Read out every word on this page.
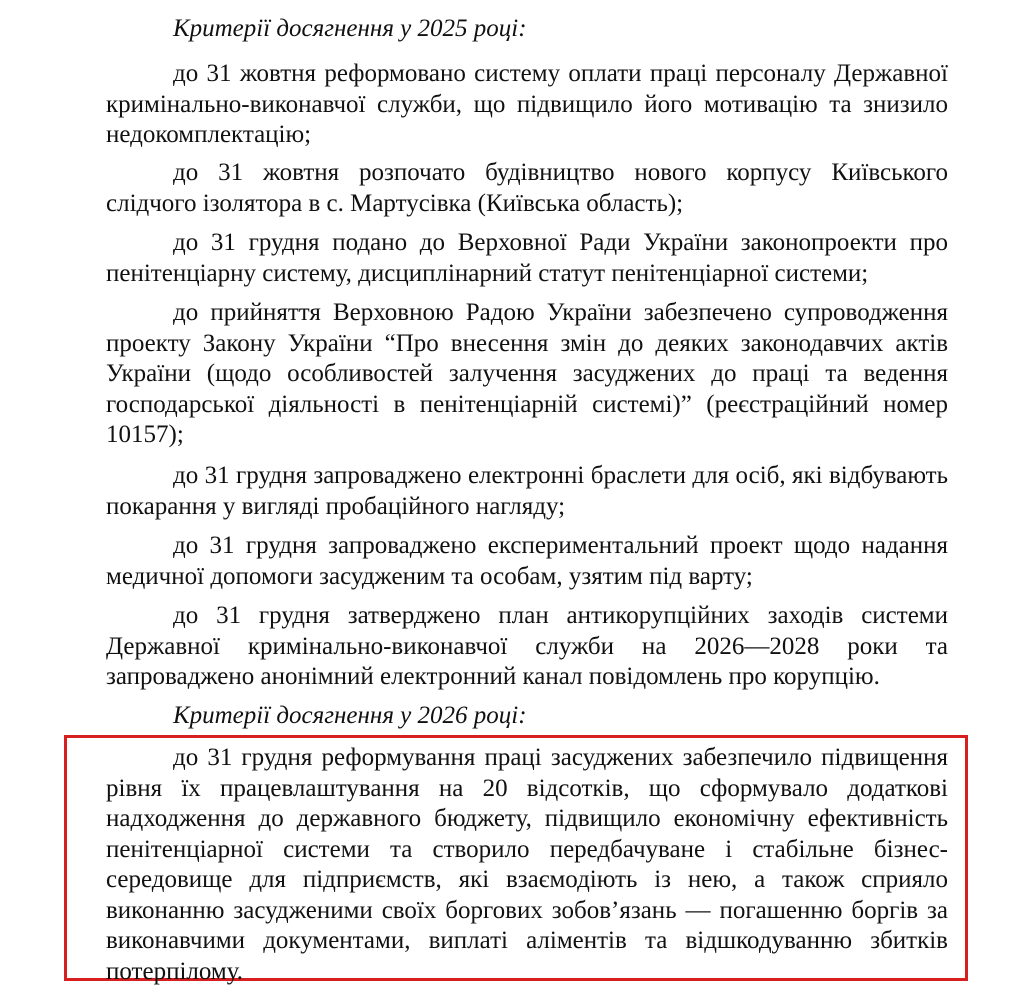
Критерії досягнення у 2025 році:

до 31 жовтня реформовано систему оплати праці персоналу Державної кримінально-виконавчої служби, що підвищило його мотивацію та знизило недокомплектацію;

до 31 жовтня розпочато будівництво нового корпусу Київського слідчого ізолятора в с. Мартусівка (Київська область);

до 31 грудня подано до Верховної Ради України законопроекти про пенітенціарну систему, дисциплінарний статут пенітенціарної системи;

до прийняття Верховною Радою України забезпечено супроводження проекту Закону України “Про внесення змін до деяких законодавчих актів України (щодо особливостей залучення засуджених до праці та ведення господарської діяльності в пенітенціарній системі)” (реєстраційний номер 10157);

до 31 грудня запроваджено електронні браслети для осіб, які відбувають покарання у вигляді пробаційного нагляду;

до 31 грудня запроваджено експериментальний проект щодо надання медичної допомоги засудженим та особам, узятим під варту;

до 31 грудня затверджено план антикорупційних заходів системи Державної кримінально-виконавчої служби на 2026—2028 роки та запроваджено анонімний електронний канал повідомлень про корупцію.

Критерії досягнення у 2026 році:

до 31 грудня реформування праці засуджених забезпечило підвищення рівня їх працевлаштування на 20 відсотків, що сформувало додаткові надходження до державного бюджету, підвищило економічну ефективність пенітенціарної системи та створило передбачуване і стабільне бізнес-середовище для підприємств, які взаємодіють із нею, а також сприяло виконанню засудженими своїх боргових зобов’язань — погашенню боргів за виконавчими документами, виплаті аліментів та відшкодуванню збитків потерпілому.
